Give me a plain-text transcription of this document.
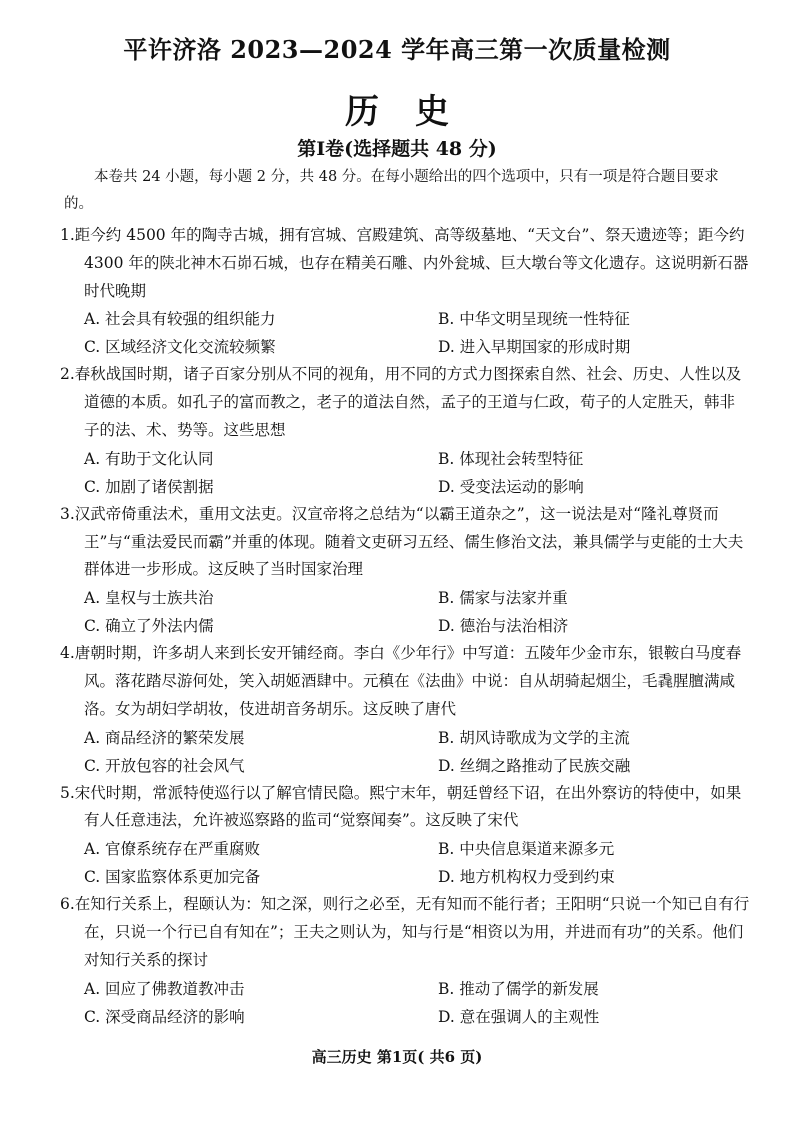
平许济洛 2023—2024 学年高三第一次质量检测
历史
第Ⅰ卷(选择题共 48 分)
本卷共 24 小题，每小题 2 分，共 48 分。在每小题给出的四个选项中，只有一项是符合题目要求的。
1.距今约 4500 年的陶寺古城，拥有宫城、宫殿建筑、高等级墓地、“天文台”、祭天遗迹等；距今约 4300 年的陕北神木石峁石城，也存在精美石雕、内外瓮城、巨大墩台等文化遗存。这说明新石器时代晚期
A. 社会具有较强的组织能力	B. 中华文明呈现统一性特征
C. 区域经济文化交流较频繁	D. 进入早期国家的形成时期
2.春秋战国时期，诸子百家分别从不同的视角，用不同的方式力图探索自然、社会、历史、人性以及道德的本质。如孔子的富而教之，老子的道法自然，孟子的王道与仁政，荀子的人定胜天，韩非子的法、术、势等。这些思想
A. 有助于文化认同	B. 体现社会转型特征
C. 加剧了诸侯割据	D. 受变法运动的影响
3.汉武帝倚重法术，重用文法吏。汉宣帝将之总结为“以霸王道杂之”，这一说法是对“隆礼尊贤而王”与“重法爱民而霸”并重的体现。随着文吏研习五经、儒生修治文法，兼具儒学与吏能的士大夫群体进一步形成。这反映了当时国家治理
A. 皇权与士族共治	B. 儒家与法家并重
C. 确立了外法内儒	D. 德治与法治相济
4.唐朝时期，许多胡人来到长安开铺经商。李白《少年行》中写道：五陵年少金市东，银鞍白马度春风。落花踏尽游何处，笑入胡姬酒肆中。元稹在《法曲》中说：自从胡骑起烟尘，毛毳腥膻满咸洛。女为胡妇学胡妆，伎进胡音务胡乐。这反映了唐代
A. 商品经济的繁荣发展	B. 胡风诗歌成为文学的主流
C. 开放包容的社会风气	D. 丝绸之路推动了民族交融
5.宋代时期，常派特使巡行以了解官情民隐。熙宁末年，朝廷曾经下诏，在出外察访的特使中，如果有人任意违法，允许被巡察路的监司“觉察闻奏”。这反映了宋代
A. 官僚系统存在严重腐败	B. 中央信息渠道来源多元
C. 国家监察体系更加完备	D. 地方机构权力受到约束
6.在知行关系上，程颐认为：知之深，则行之必至，无有知而不能行者；王阳明“只说一个知已自有行在，只说一个行已自有知在”；王夫之则认为，知与行是“相资以为用，并进而有功”的关系。他们对知行关系的探讨
A. 回应了佛教道教冲击	B. 推动了儒学的新发展
C. 深受商品经济的影响	D. 意在强调人的主观性
高三历史 第1页( 共6 页)
